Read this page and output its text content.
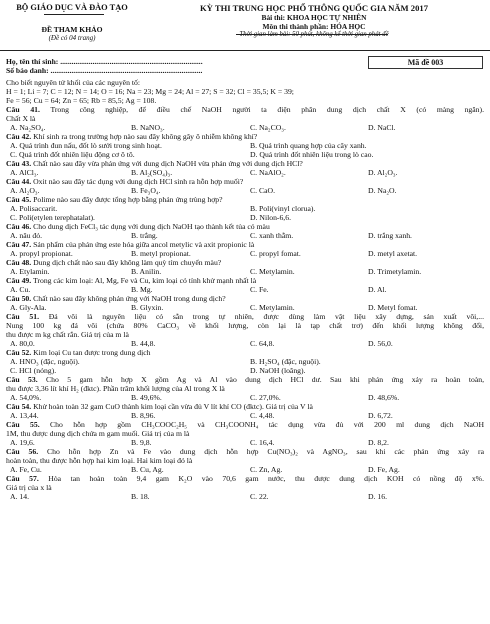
BỘ GIÁO DỤC VÀ ĐÀO TẠO
ĐỀ THAM KHẢO
(Đề có 04 trang)
KỲ THI TRUNG HỌC PHỔ THÔNG QUỐC GIA NĂM 2017
Bài thi: KHOA HỌC TỰ NHIÊN
Môn thi thành phần: HÓA HỌC
Thời gian làm bài: 50 phút, không kể thời gian phát đề
Họ, tên thí sinh: ...........................................................................
Số báo danh: ................................................................................
Mã đề 003
Cho biết nguyên tử khối của các nguyên tố:
H = 1; Li = 7; C = 12; N = 14; O = 16; Na = 23; Mg = 24; Al = 27; S = 32; Cl = 35,5; K = 39;
Fe = 56; Cu = 64; Zn = 65; Rb = 85,5; Ag = 108.
Câu 41. Trong công nghiệp, để điều chế NaOH người ta điện phân dung dịch chất X (có màng ngăn).
Chất X là
A. Na₂SO₄.	B. NaNO₃.	C. Na₂CO₃.	D. NaCl.
Câu 42. Khí sinh ra trong trường hợp nào sau đây không gây ô nhiễm không khí?
A. Quá trình đun nấu, đốt lò sưởi trong sinh hoạt.	B. Quá trình quang hợp của cây xanh.
C. Quá trình đốt nhiên liệu động cơ ô tô.	D. Quá trình đốt nhiên liệu trong lò cao.
Câu 43. Chất nào sau đây vừa phản ứng với dung dịch NaOH vừa phản ứng với dung dịch HCl?
A. AlCl₃.	B. Al₂(SO₄)₃.	C. NaAlO₂.	D. Al₂O₃.
Câu 44. Oxit nào sau đây tác dụng với dung dịch HCl sinh ra hỗn hợp muối?
A. Al₂O₃.	B. Fe₃O₄.	C. CaO.	D. Na₂O.
Câu 45. Polime nào sau đây được tổng hợp bằng phản ứng trùng hợp?
A. Polisaccarit.	B. Poli(vinyl clorua).
C. Poli(etylen terephatalat).	D. Nilon-6,6.
Câu 46. Cho dung dịch FeCl₃ tác dụng với dung dịch NaOH tạo thành kết tủa có màu
A. nâu đỏ.	B. trắng.	C. xanh thẫm.	D. trắng xanh.
Câu 47. Sản phẩm của phản ứng este hóa giữa ancol metylic và axit propionic là
A. propyl propionat.	B. metyl propionat.	C. propyl fomat.	D. metyl axetat.
Câu 48. Dung dịch chất nào sau đây không làm quỳ tím chuyển màu?
A. Etylamin.	B. Anilin.	C. Metylamin.	D. Trimetylamin.
Câu 49. Trong các kim loại: Al, Mg, Fe và Cu, kim loại có tính khử mạnh nhất là
A. Cu.	B. Mg.	C. Fe.	D. Al.
Câu 50. Chất nào sau đây không phản ứng với NaOH trong dung dịch?
A. Gly-Ala.	B. Glyxin.	C. Metylamin.	D. Metyl fomat.
Câu 51. Đá vôi là nguyên liệu có sẵn trong tự nhiên, được dùng làm vật liệu xây dựng, sản xuất vôi,...
Nung 100 kg đá vôi (chứa 80% CaCO₃ về khối lượng, còn lại là tạp chất trơ) đến khối lượng không đổi,
thu được m kg chất rắn. Giá trị của m là
A. 80,0.	B. 44,8.	C. 64,8.	D. 56,0.
Câu 52. Kim loại Cu tan được trong dung dịch
A. HNO₃ (đặc, nguội).	B. H₂SO₄ (đặc, nguội).
C. HCl (nóng).	D. NaOH (loãng).
Câu 53. Cho 5 gam hỗn hợp X gồm Ag và Al vào dung dịch HCl dư. Sau khi phản ứng xảy ra hoàn toàn,
thu được 3,36 lít khí H₂ (đktc). Phần trăm khối lượng của Al trong X là
A. 54,0%.	B. 49,6%.	C. 27,0%.	D. 48,6%.
Câu 54. Khử hoàn toàn 32 gam CuO thành kim loại cần vừa đủ V lít khí CO (đktc). Giá trị của V là
A. 13,44.	B. 8,96.	C. 4,48.	D. 6,72.
Câu 55. Cho hỗn hợp gồm CH₃COOC₂H₅ và CH₃COONH₄ tác dụng vừa đủ với 200 ml dung dịch NaOH
1M, thu được dung dịch chứa m gam muối. Giá trị của m là
A. 19,6.	B. 9,8.	C. 16,4.	D. 8,2.
Câu 56. Cho hỗn hợp Zn và Fe vào dung dịch hỗn hợp Cu(NO₃)₂ và AgNO₃, sau khi các phản ứng xảy ra
hoàn toàn, thu được hỗn hợp hai kim loại. Hai kim loại đó là
A. Fe, Cu.	B. Cu, Ag.	C. Zn, Ag.	D. Fe, Ag.
Câu 57. Hòa tan hoàn toàn 9,4 gam K₂O vào 70,6 gam nước, thu được dung dịch KOH có nồng độ x%.
Giá trị của x là
A. 14.	B. 18.	C. 22.	D. 16.
